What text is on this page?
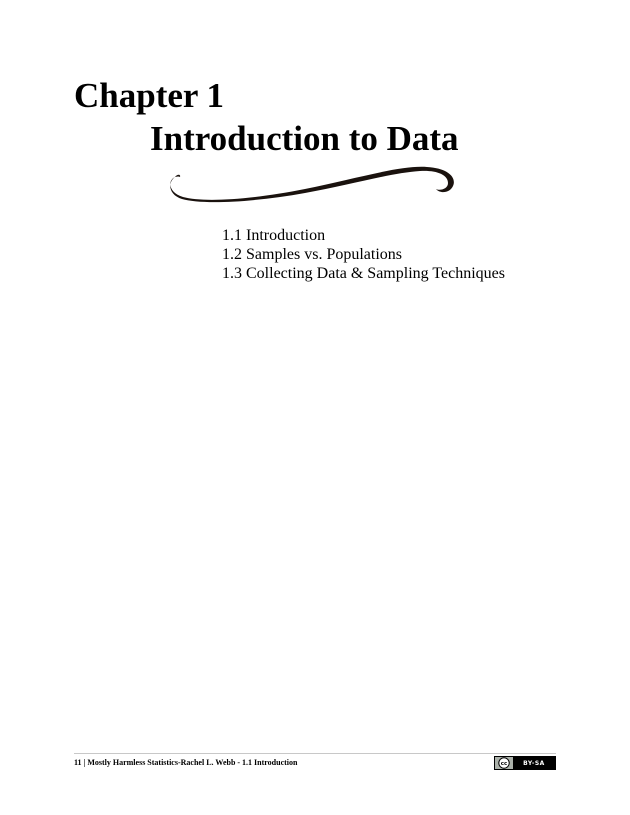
Chapter 1
Introduction to Data
1.1 Introduction
1.2 Samples vs. Populations
1.3 Collecting Data & Sampling Techniques
11 | Mostly Harmless Statistics-Rachel L. Webb - 1.1 Introduction	cc	BY-SA
